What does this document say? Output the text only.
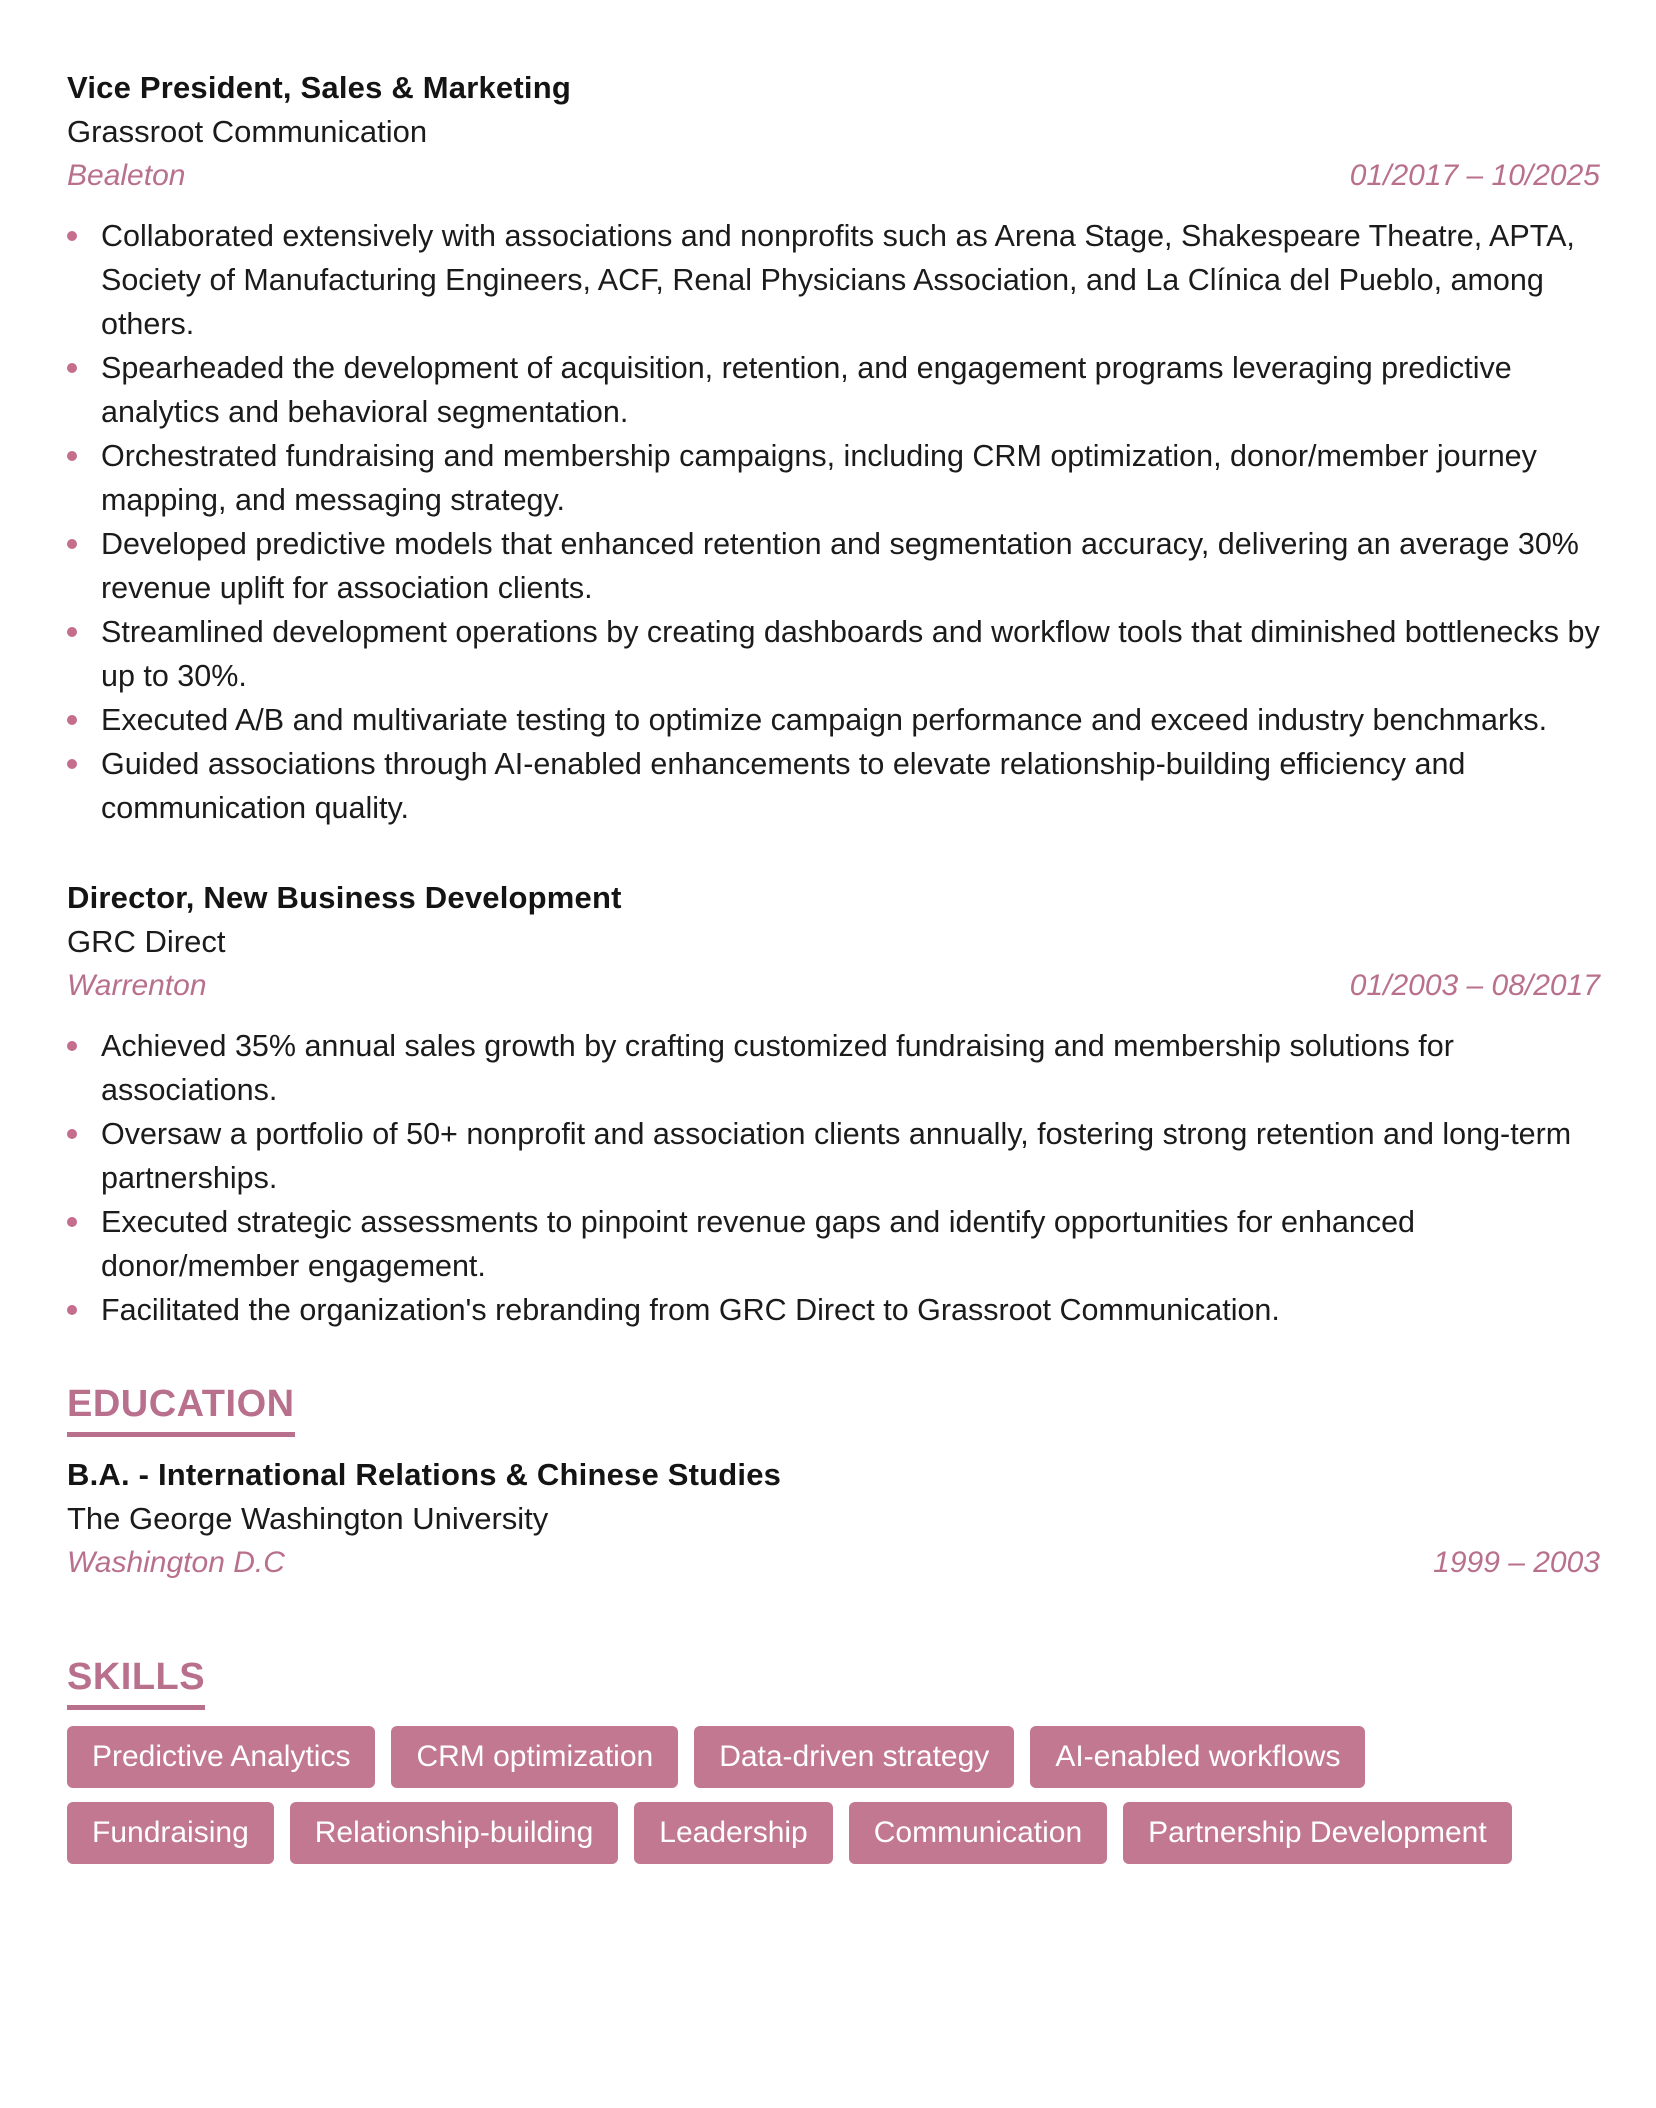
Vice President, Sales & Marketing
Grassroot Communication
Bealeton	01/2017 – 10/2025
Collaborated extensively with associations and nonprofits such as Arena Stage, Shakespeare Theatre, APTA, Society of Manufacturing Engineers, ACF, Renal Physicians Association, and La Clínica del Pueblo, among others.
Spearheaded the development of acquisition, retention, and engagement programs leveraging predictive analytics and behavioral segmentation.
Orchestrated fundraising and membership campaigns, including CRM optimization, donor/member journey mapping, and messaging strategy.
Developed predictive models that enhanced retention and segmentation accuracy, delivering an average 30% revenue uplift for association clients.
Streamlined development operations by creating dashboards and workflow tools that diminished bottlenecks by up to 30%.
Executed A/B and multivariate testing to optimize campaign performance and exceed industry benchmarks.
Guided associations through AI-enabled enhancements to elevate relationship-building efficiency and communication quality.
Director, New Business Development
GRC Direct
Warrenton	01/2003 – 08/2017
Achieved 35% annual sales growth by crafting customized fundraising and membership solutions for associations.
Oversaw a portfolio of 50+ nonprofit and association clients annually, fostering strong retention and long-term partnerships.
Executed strategic assessments to pinpoint revenue gaps and identify opportunities for enhanced donor/member engagement.
Facilitated the organization's rebranding from GRC Direct to Grassroot Communication.
EDUCATION
B.A. - International Relations & Chinese Studies
The George Washington University
Washington D.C	1999 – 2003
SKILLS
Predictive Analytics	CRM optimization	Data-driven strategy	AI-enabled workflows
Fundraising	Relationship-building	Leadership	Communication	Partnership Development
